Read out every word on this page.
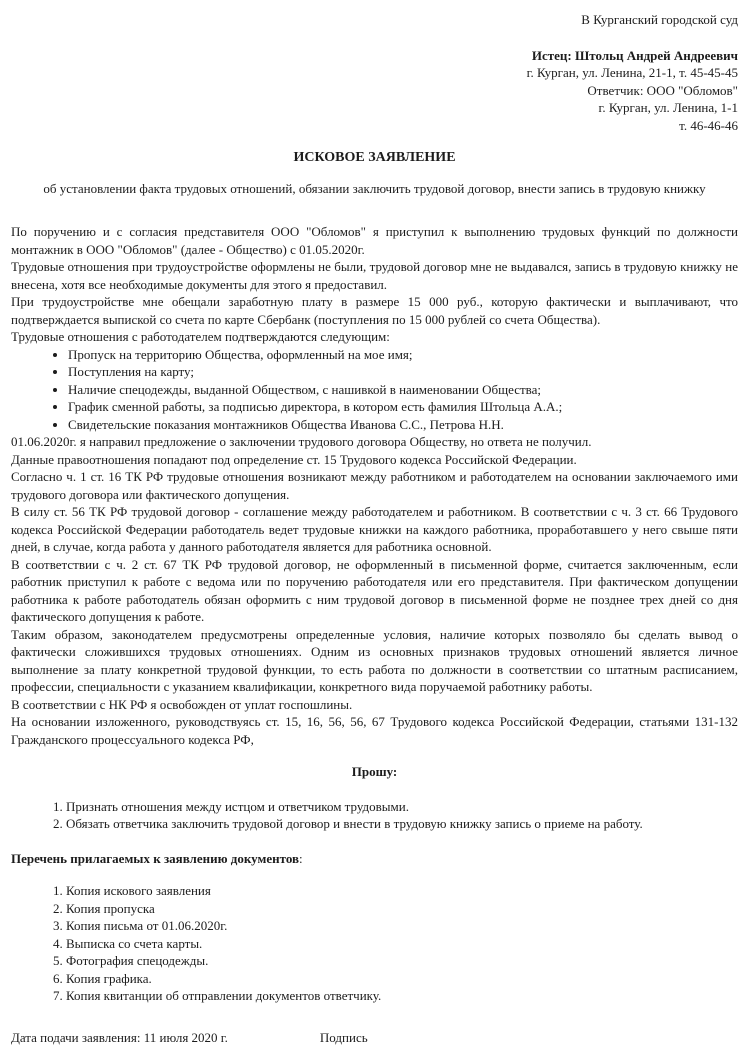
В Курганский городской суд

Истец: Штольц Андрей Андреевич

г. Курган, ул. Ленина, 21-1, т. 45-45-45

Ответчик: ООО "Обломов"

г. Курган, ул. Ленина, 1-1

т. 46-46-46

ИСКОВОЕ ЗАЯВЛЕНИЕ

об установлении факта трудовых отношений, обязании заключить трудовой договор, внести запись в трудовую книжку

По поручению и с согласия представителя ООО "Обломов" я приступил к выполнению трудовых функций по должности монтажник в ООО "Обломов" (далее - Общество) с 01.05.2020г.

Трудовые отношения при трудоустройстве оформлены не были, трудовой договор мне не выдавался, запись в трудовую книжку не внесена, хотя все необходимые документы для этого я предоставил.

При трудоустройстве мне обещали заработную плату в размере 15 000 руб., которую фактически и выплачивают, что подтверждается выпиской со счета по карте Сбербанк (поступления по 15 000 рублей со счета Общества).

Трудовые отношения с работодателем подтверждаются следующим:

• Пропуск на территорию Общества, оформленный на мое имя;
• Поступления на карту;
• Наличие спецодежды, выданной Обществом, с нашивкой в наименовании Общества;
• График сменной работы, за подписью директора, в котором есть фамилия Штольца А.А.;
• Свидетельские показания монтажников Общества Иванова С.С., Петрова Н.Н.

01.06.2020г. я направил предложение о заключении трудового договора Обществу, но ответа не получил.

Данные правоотношения попадают под определение ст. 15 Трудового кодекса Российской Федерации.

Согласно ч. 1 ст. 16 ТК РФ трудовые отношения возникают между работником и работодателем на основании заключаемого ими трудового договора или фактического допущения.

В силу ст. 56 ТК РФ трудовой договор - соглашение между работодателем и работником. В соответствии с ч. 3 ст. 66 Трудового кодекса Российской Федерации работодатель ведет трудовые книжки на каждого работника, проработавшего у него свыше пяти дней, в случае, когда работа у данного работодателя является для работника основной.

В соответствии с ч. 2 ст. 67 ТК РФ трудовой договор, не оформленный в письменной форме, считается заключенным, если работник приступил к работе с ведома или по поручению работодателя или его представителя. При фактическом допущении работника к работе работодатель обязан оформить с ним трудовой договор в письменной форме не позднее трех дней со дня фактического допущения к работе.

Таким образом, законодателем предусмотрены определенные условия, наличие которых позволяло бы сделать вывод о фактически сложившихся трудовых отношениях. Одним из основных признаков трудовых отношений является личное выполнение за плату конкретной трудовой функции, то есть работа по должности в соответствии со штатным расписанием, профессии, специальности с указанием квалификации, конкретного вида поручаемой работнику работы.

В соответствии с НК РФ я освобожден от уплат госпошлины.

На основании изложенного, руководствуясь ст. 15, 16, 56, 56, 67 Трудового кодекса Российской Федерации, статьями 131-132 Гражданского процессуального кодекса РФ,

Прошу:

1. Признать отношения между истцом и ответчиком трудовыми.
2. Обязать ответчика заключить трудовой договор и внести в трудовую книжку запись о приеме на работу.

Перечень прилагаемых к заявлению документов:

1. Копия искового заявления
2. Копия пропуска
3. Копия письма от 01.06.2020г.
4. Выписка со счета карты.
5. Фотография спецодежды.
6. Копия графика.
7. Копия квитанции об отправлении документов ответчику.
Дата подачи заявления: 11 июля 2020 г.	Подпись
